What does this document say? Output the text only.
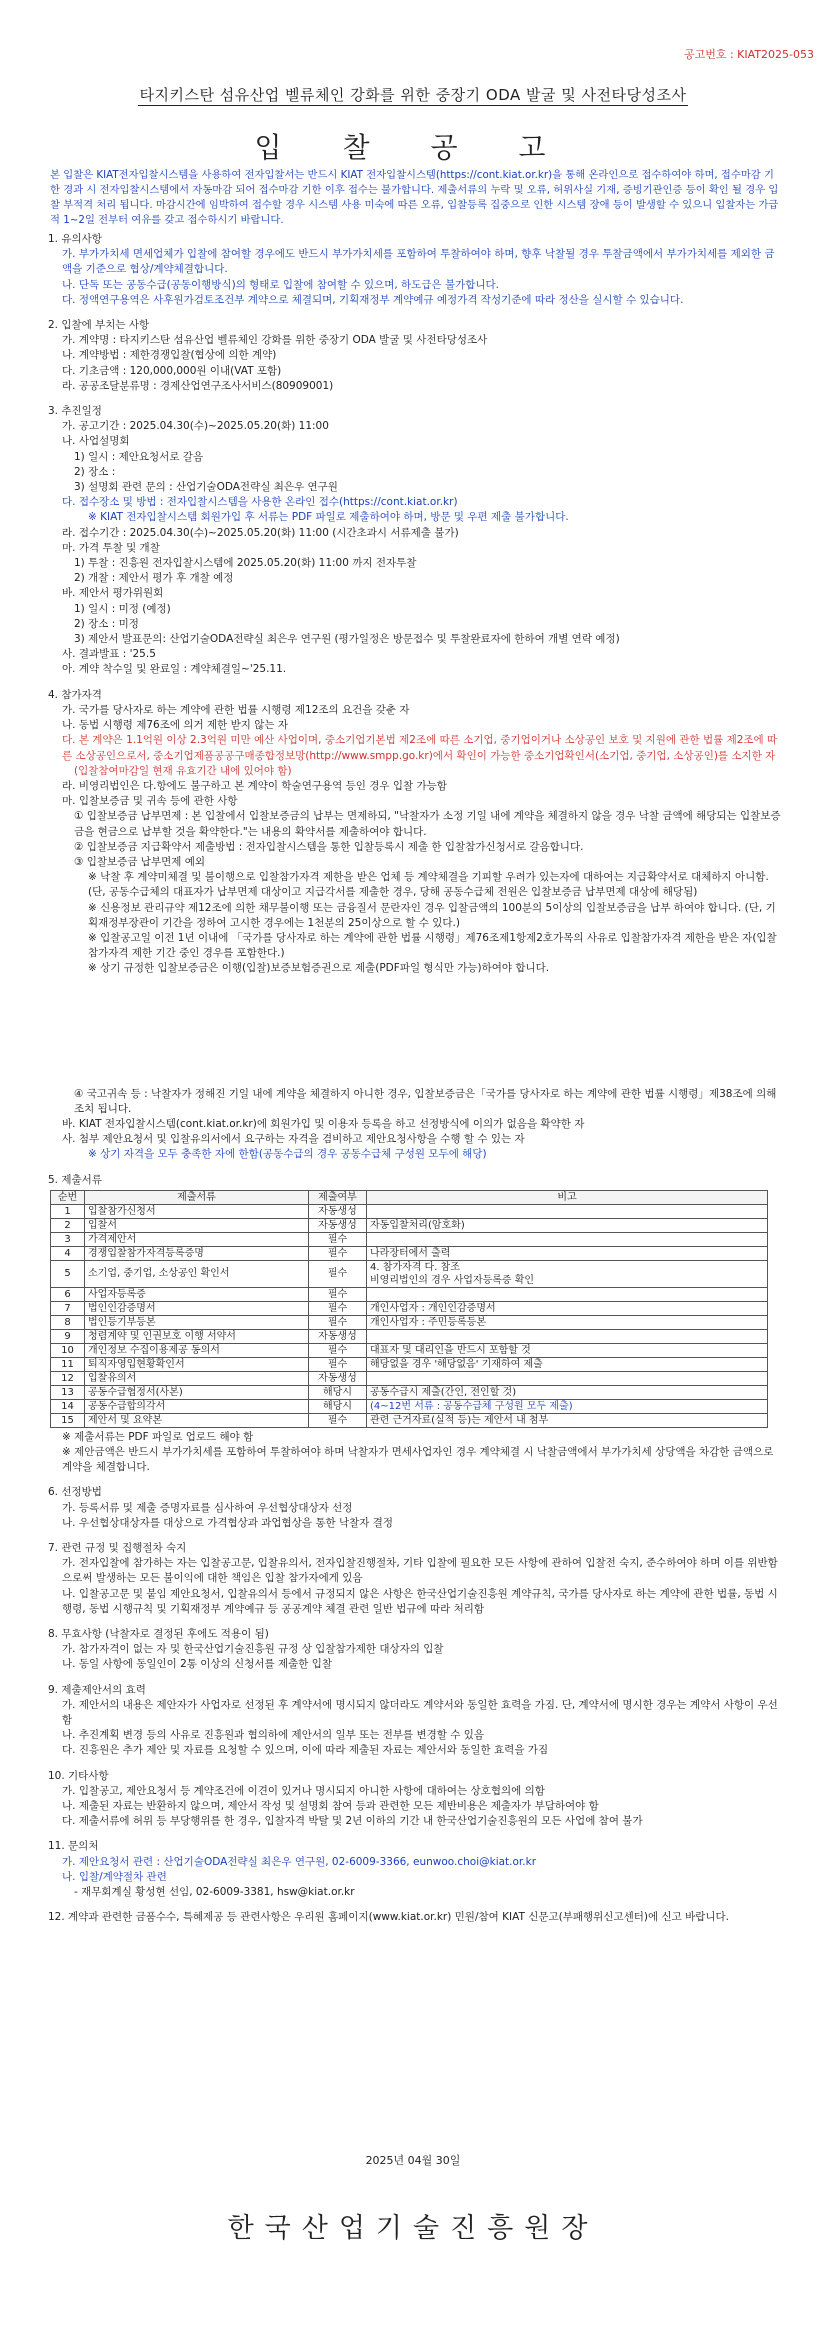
공고번호 : KIAT2025-053
타지키스탄 섬유산업 벨류체인 강화를 위한 중장기 ODA 발굴 및 사전타당성조사
입 찰 공 고
본 입찰은 KIAT전자입찰시스템을 사용하여 전자입찰서는 반드시 KIAT 전자입찰시스템(https://cont.kiat.or.kr)을 통해 온라인으로 접수하여야 하며, 접수마감 기한 경과 시 전자입찰시스템에서 자동마감 되어 접수마감 기한 이후 접수는 불가합니다. 제출서류의 누락 및 오류, 허위사실 기재, 증빙기관인증 등이 확인 될 경우 입찰 부적격 처리 됩니다. 마감시간에 임박하여 접수할 경우 시스템 사용 미숙에 따른 오류, 입찰등록 집중으로 인한 시스템 장애 등이 발생할 수 있으니 입찰자는 가급적 1~2일 전부터 여유를 갖고 접수하시기 바랍니다.
1. 유의사항
가. 부가가치세 면세업체가 입찰에 참여할 경우에도 반드시 부가가치세를 포함하여 투찰하여야 하며, 향후 낙찰될 경우 투찰금액에서 부가가치세를 제외한 금액을 기준으로 협상/계약체결합니다.
나. 단독 또는 공동수급(공동이행방식)의 형태로 입찰에 참여할 수 있으며, 하도급은 불가합니다.
다. 정액연구용역은 사후원가검토조건부 계약으로 체결되며, 기획재정부 계약예규 예정가격 작성기준에 따라 정산을 실시할 수 있습니다.
2. 입찰에 부치는 사항
가. 계약명 : 타지키스탄 섬유산업 벨류체인 강화를 위한 중장기 ODA 발굴 및 사전타당성조사
나. 계약방법 : 제한경쟁입찰(협상에 의한 계약)
다. 기초금액 : 120,000,000원 이내(VAT 포함)
라. 공공조달분류명 : 경제산업연구조사서비스(80909001)
3. 추진일정
가. 공고기간 : 2025.04.30(수)~2025.05.20(화) 11:00
나. 사업설명회
1) 일시 : 제안요청서로 갈음
2) 장소 :
3) 설명회 관련 문의 : 산업기술ODA전략실 최은우 연구원
다. 접수장소 및 방법 : 전자입찰시스템을 사용한 온라인 접수(https://cont.kiat.or.kr)
※ KIAT 전자입찰시스템 회원가입 후 서류는 PDF 파일로 제출하여야 하며, 방문 및 우편 제출 불가합니다.
라. 접수기간 : 2025.04.30(수)~2025.05.20(화) 11:00 (시간초과시 서류제출 불가)
마. 가격 투찰 및 개찰
1) 투찰 : 진흥원 전자입찰시스템에 2025.05.20(화) 11:00 까지 전자투찰
2) 개찰 : 제안서 평가 후 개찰 예정
바. 제안서 평가위원회
1) 일시 : 미정 (예정)
2) 장소 : 미정
3) 제안서 발표문의: 산업기술ODA전략실 최은우 연구원 (평가일정은 방문접수 및 투찰완료자에 한하여 개별 연락 예정)
사. 결과발표 : '25.5
아. 계약 착수일 및 완료일 : 계약체결일~'25.11.
4. 참가자격
가. 국가를 당사자로 하는 계약에 관한 법률 시행령 제12조의 요건을 갖춘 자
나. 동법 시행령 제76조에 의거 제한 받지 않는 자
다. 본 계약은 1.1억원 이상 2.3억원 미만 예산 사업이며, 중소기업기본법 제2조에 따른 소기업, 중기업이거나 소상공인 보호 및 지원에 관한 법률 제2조에 따른 소상공인으로서, 중소기업제품공공구매종합정보망(http://www.smpp.go.kr)에서 확인이 가능한 중소기업확인서(소기업, 중기업, 소상공인)를 소지한 자
(입찰참여마감일 현재 유효기간 내에 있어야 함)
라. 비영리법인은 다.항에도 불구하고 본 계약이 학술연구용역 등인 경우 입찰 가능함
마. 입찰보증금 및 귀속 등에 관한 사항
① 입찰보증금 납부면제 : 본 입찰에서 입찰보증금의 납부는 면제하되, "낙찰자가 소정 기일 내에 계약을 체결하지 않을 경우 낙찰 금액에 해당되는 입찰보증금을 현금으로 납부할 것을 확약한다."는 내용의 확약서를 제출하여야 합니다.
② 입찰보증금 지급확약서 제출방법 : 전자입찰시스템을 통한 입찰등록시 제출 한 입찰참가신청서로 갈음합니다.
③ 입찰보증금 납부면제 예외
※ 낙찰 후 계약미체결 및 불이행으로 입찰참가자격 제한을 받은 업체 등 계약체결을 기피할 우려가 있는자에 대하여는 지급확약서로 대체하지 아니함. (단, 공동수급체의 대표자가 납부면제 대상이고 지급각서를 제출한 경우, 당해 공동수급체 전원은 입찰보증금 납부면제 대상에 해당됨)
※ 신용정보 관리규약 제12조에 의한 채무불이행 또는 금융질서 문란자인 경우 입찰금액의 100분의 5이상의 입찰보증금을 납부 하여야 합니다. (단, 기획재정부장관이 기간을 정하여 고시한 경우에는 1천분의 25이상으로 할 수 있다.)
※ 입찰공고일 이전 1년 이내에 「국가를 당사자로 하는 계약에 관한 법률 시행령」제76조제1항제2호가목의 사유로 입찰참가자격 제한을 받은 자(입찰참가자격 제한 기간 중인 경우를 포함한다.)
※ 상기 규정한 입찰보증금은 이행(입찰)보증보험증권으로 제출(PDF파일 형식만 가능)하여야 합니다.
④ 국고귀속 등 : 낙찰자가 정해진 기일 내에 계약을 체결하지 아니한 경우, 입찰보증금은「국가를 당사자로 하는 계약에 관한 법률 시행령」제38조에 의해 조치 됩니다.
바. KIAT 전자입찰시스템(cont.kiat.or.kr)에 회원가입 및 이용자 등록을 하고 선정방식에 이의가 없음을 확약한 자
사. 첨부 제안요청서 및 입찰유의서에서 요구하는 자격을 겸비하고 제안요청사항을 수행 할 수 있는 자
※ 상기 자격을 모두 충족한 자에 한함(공동수급의 경우 공동수급체 구성원 모두에 해당)
5. 제출서류
순번	제출서류	제출여부	비고
1	입찰참가신청서	자동생성	
2	입찰서	자동생성	자동입찰처리(암호화)
3	가격제안서	필수	
4	경쟁입찰참가자격등록증명	필수	나라장터에서 출력
5	소기업, 중기업, 소상공인 확인서	필수	4. 참가자격 다. 참조
비영리법인의 경우 사업자등록증 확인
6	사업자등록증	필수	
7	법인인감증명서	필수	개인사업자 : 개인인감증명서
8	법인등기부등본	필수	개인사업자 : 주민등록등본
9	청렴계약 및 인권보호 이행 서약서	자동생성	
10	개인정보 수집이용제공 동의서	필수	대표자 및 대리인을 반드시 포함할 것
11	퇴직자영입현황확인서	필수	해당없을 경우 '해당없음' 기재하여 제출
12	입찰유의서	자동생성	
13	공동수급협정서(사본)	해당시	공동수급시 제출(간인, 전인할 것)
14	공동수급합의각서	해당시	(4~12번 서류 : 공동수급체 구성원 모두 제출)
15	제안서 및 요약본	필수	관련 근거자료(실적 등)는 제안서 내 첨부
※ 제출서류는 PDF 파일로 업로드 해야 함
※ 제안금액은 반드시 부가가치세를 포함하여 투찰하여야 하며 낙찰자가 면세사업자인 경우 계약체결 시 낙찰금액에서 부가가치세 상당액을 차감한 금액으로 계약을 체결합니다.
6. 선정방법
가. 등록서류 및 제출 증명자료를 심사하여 우선협상대상자 선정
나. 우선협상대상자를 대상으로 가격협상과 과업협상을 통한 낙찰자 결정
7. 관련 규정 및 집행절차 숙지
가. 전자입찰에 참가하는 자는 입찰공고문, 입찰유의서, 전자입찰진행절차, 기타 입찰에 필요한 모든 사항에 관하여 입찰전 숙지, 준수하여야 하며 이를 위반함으로써 발생하는 모든 불이익에 대한 책임은 입찰 참가자에게 있음
나. 입찰공고문 및 붙임 제안요청서, 입찰유의서 등에서 규정되지 않은 사항은 한국산업기술진흥원 계약규칙, 국가를 당사자로 하는 계약에 관한 법률, 동법 시행령, 동법 시행규칙 및 기획재정부 계약예규 등 공공계약 체결 관련 일반 법규에 따라 처리함
8. 무효사항 (낙찰자로 결정된 후에도 적용이 됨)
가. 참가자격이 없는 자 및 한국산업기술진흥원 규정 상 입찰참가제한 대상자의 입찰
나. 동일 사항에 동일인이 2통 이상의 신청서를 제출한 입찰
9. 제출제안서의 효력
가. 제안서의 내용은 제안자가 사업자로 선정된 후 계약서에 명시되지 않더라도 계약서와 동일한 효력을 가짐. 단, 계약서에 명시한 경우는 계약서 사항이 우선함
나. 추진계획 변경 등의 사유로 진흥원과 협의하에 제안서의 일부 또는 전부를 변경할 수 있음
다. 진흥원은 추가 제안 및 자료를 요청할 수 있으며, 이에 따라 제출된 자료는 제안서와 동일한 효력을 가짐
10. 기타사항
가. 입찰공고, 제안요청서 등 계약조건에 이견이 있거나 명시되지 아니한 사항에 대하여는 상호협의에 의함
나. 제출된 자료는 반환하지 않으며, 제안서 작성 및 설명회 참여 등과 관련한 모든 제반비용은 제출자가 부담하여야 함
다. 제출서류에 허위 등 부당행위를 한 경우, 입찰자격 박탈 및 2년 이하의 기간 내 한국산업기술진흥원의 모든 사업에 참여 불가
11. 문의처
가. 제안요청서 관련 : 산업기술ODA전략실 최은우 연구원, 02-6009-3366, eunwoo.choi@kiat.or.kr
나. 입찰/계약절차 관련
- 재무회계실 황성현 선임, 02-6009-3381, hsw@kiat.or.kr
12. 계약과 관련한 금품수수, 특혜제공 등 관련사항은 우리원 홈페이지(www.kiat.or.kr) 민원/참여 KIAT 신문고(부패행위신고센터)에 신고 바랍니다.
2025년 04월 30일
한국산업기술진흥원장
